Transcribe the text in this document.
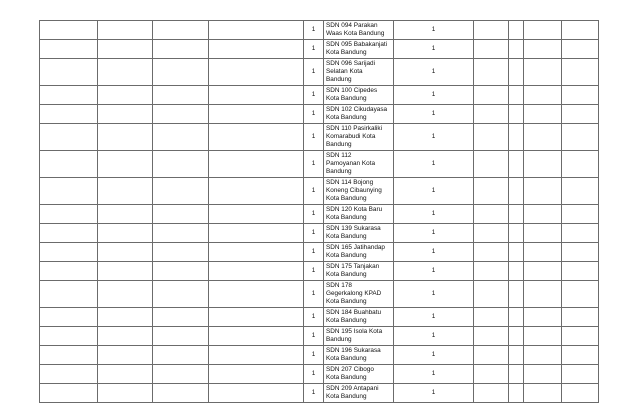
				1	SDN 094 Parakan
Waas Kota Bandung	1				
				1	SDN 095 Babakanjati
Kota Bandung	1				
				1	SDN 096 Sarijadi
Selatan Kota
Bandung	1				
				1	SDN 100 Cipedes
Kota Bandung	1				
				1	SDN 102 Cikudayasa
Kota Bandung	1				
				1	SDN 110 Pasirkaliki
Komarabudi Kota
Bandung	1				
				1	SDN 112
Pamoyanan Kota
Bandung	1				
				1	SDN 114 Bojong
Koneng Cibaunying
Kota Bandung	1				
				1	SDN 120 Kota Baru
Kota Bandung	1				
				1	SDN 139 Sukarasa
Kota Bandung	1				
				1	SDN 165 Jatihandap
Kota Bandung	1				
				1	SDN 175 Tanjakan
Kota Bandung	1				
				1	SDN 178
Gegerkalong KPAD
Kota Bandung	1				
				1	SDN 184 Buahbatu
Kota Bandung	1				
				1	SDN 195 Isola Kota
Bandung	1				
				1	SDN 196 Sukarasa
Kota Bandung	1				
				1	SDN 207 Cibogo
Kota Bandung	1				
				1	SDN 209 Antapani
Kota Bandung	1				
